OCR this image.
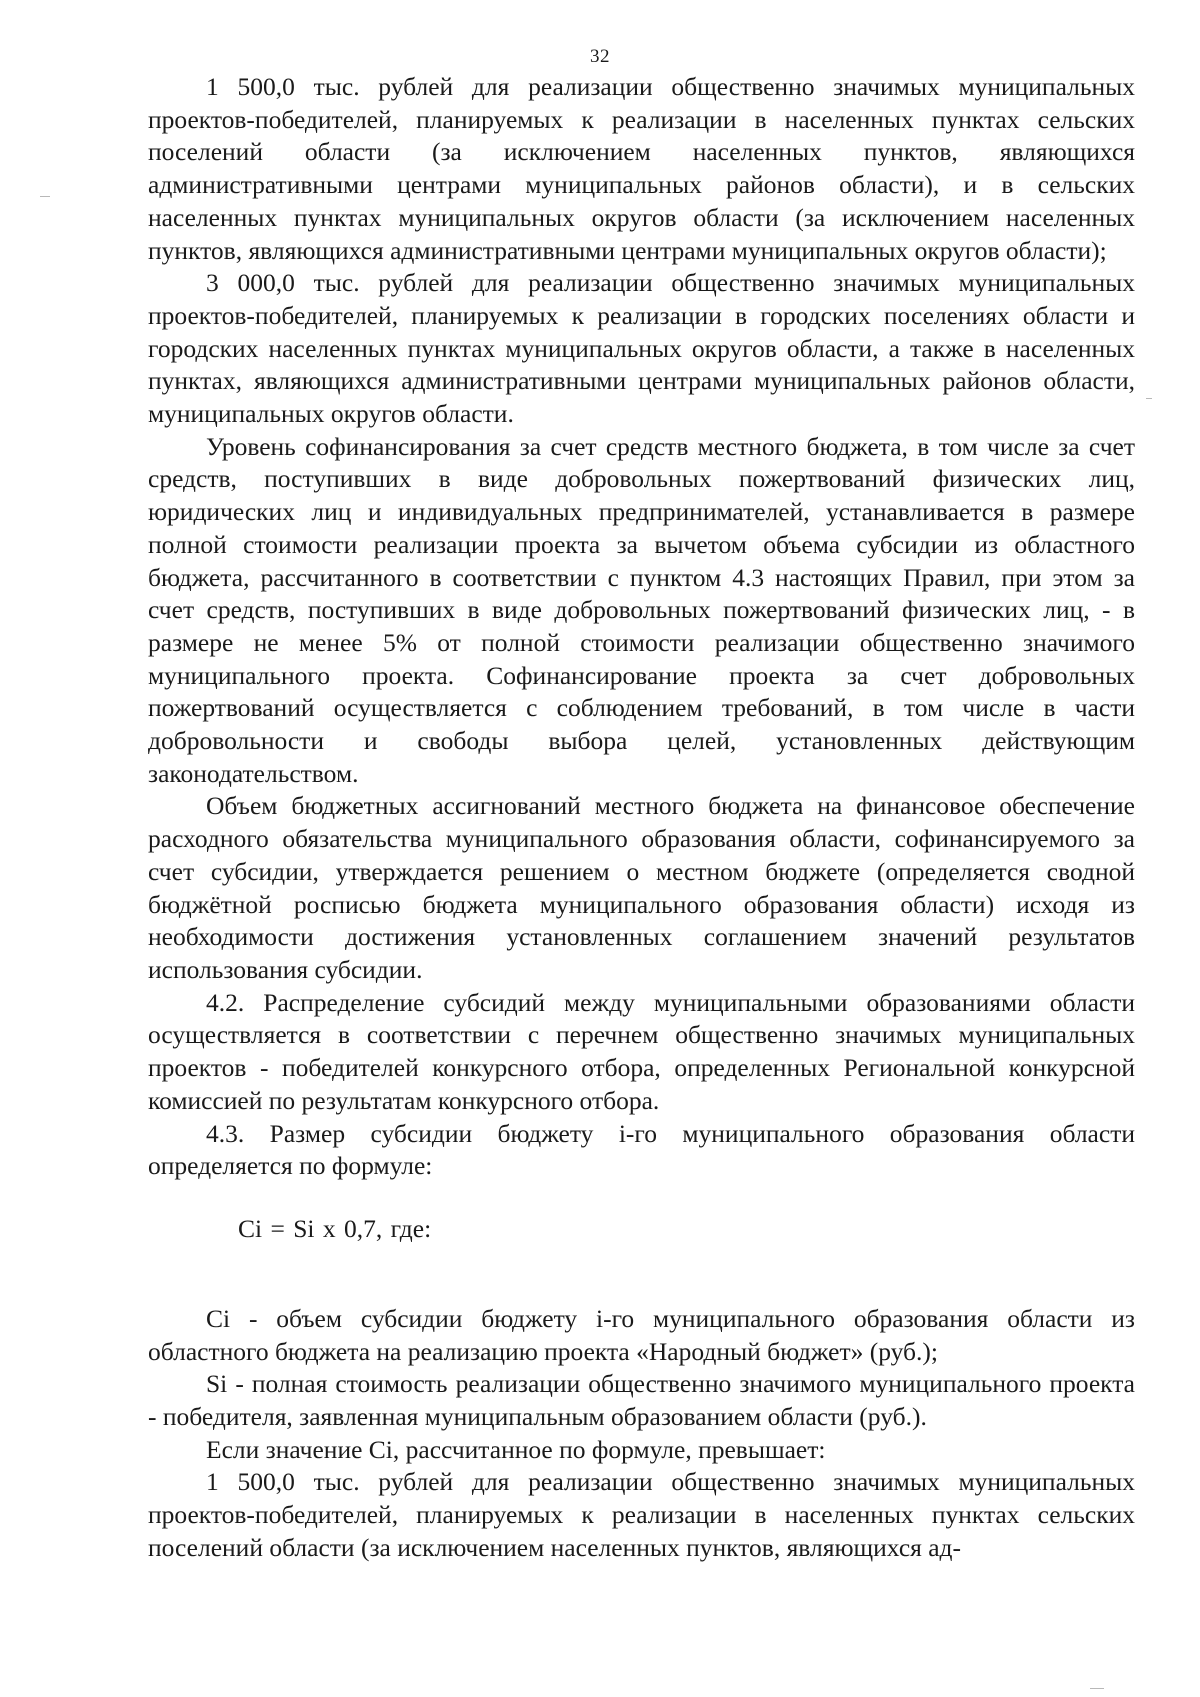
32

1 500,0 тыс. рублей для реализации общественно значимых муниципальных проектов-победителей, планируемых к реализации в населенных пунктах сельских поселений области (за исключением населенных пунктов, являющихся административными центрами муниципальных районов области), и в сельских населенных пунктах муниципальных округов области (за исключением населенных пунктов, являющихся административными центрами муниципальных округов области);

3 000,0 тыс. рублей для реализации общественно значимых муниципальных проектов-победителей, планируемых к реализации в городских поселениях области и городских населенных пунктах муниципальных округов области, а также в населенных пунктах, являющихся административными центрами муниципальных районов области, муниципальных округов области.

Уровень софинансирования за счет средств местного бюджета, в том числе за счет средств, поступивших в виде добровольных пожертвований физических лиц, юридических лиц и индивидуальных предпринимателей, устанавливается в размере полной стоимости реализации проекта за вычетом объема субсидии из областного бюджета, рассчитанного в соответствии с пунктом 4.3 настоящих Правил, при этом за счет средств, поступивших в виде добровольных пожертвований физических лиц, - в размере не менее 5% от полной стоимости реализации общественно значимого муниципального проекта. Софинансирование проекта за счет добровольных пожертвований осуществляется с соблюдением требований, в том числе в части добровольности и свободы выбора целей, установленных действующим законодательством.

Объем бюджетных ассигнований местного бюджета на финансовое обеспечение расходного обязательства муниципального образования области, софинансируемого за счет субсидии, утверждается решением о местном бюджете (определяется сводной бюджётной росписью бюджета муниципального образования области) исходя из необходимости достижения установленных соглашением значений результатов использования субсидии.

4.2. Распределение субсидий между муниципальными образованиями области осуществляется в соответствии с перечнем общественно значимых муниципальных проектов - победителей конкурсного отбора, определенных Региональной конкурсной комиссией по результатам конкурсного отбора.

4.3. Размер субсидии бюджету i-го муниципального образования области определяется по формуле:

Ci = Si x 0,7, где:

Ci - объем субсидии бюджету i-го муниципального образования области из областного бюджета на реализацию проекта «Народный бюджет» (руб.);

Si - полная стоимость реализации общественно значимого муниципального проекта - победителя, заявленная муниципальным образованием области (руб.).

Если значение Ci, рассчитанное по формуле, превышает:

1 500,0 тыс. рублей для реализации общественно значимых муниципальных проектов-победителей, планируемых к реализации в населенных пунктах сельских поселений области (за исключением населенных пунктов, являющихся ад-
